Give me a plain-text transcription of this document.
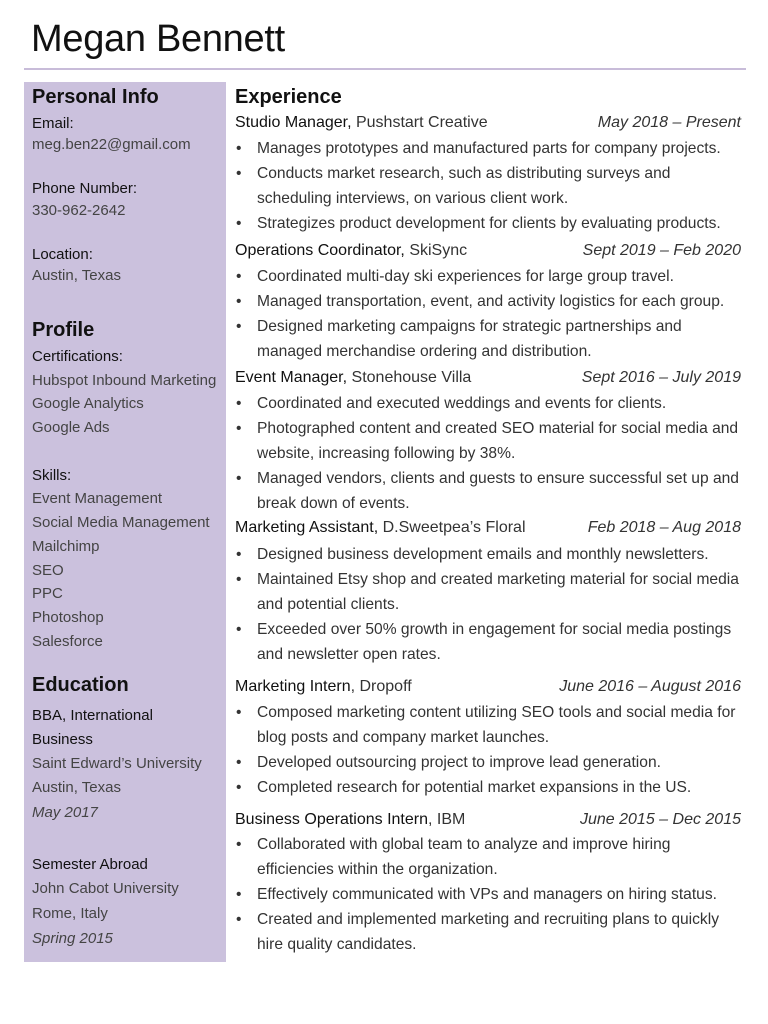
Megan Bennett
Personal Info
Email:
meg.ben22@gmail.com
Phone Number:
330-962-2642
Location:
Austin, Texas
Profile
Certifications:
Hubspot Inbound Marketing
Google Analytics
Google Ads
Skills:
Event Management
Social Media Management
Mailchimp
SEO
PPC
Photoshop
Salesforce
Education
BBA, International
Business
Saint Edward’s University
Austin, Texas
May 2017
Semester Abroad
John Cabot University
Rome, Italy
Spring 2015
Experience
Studio Manager, Pushstart Creative	May 2018 – Present
• Manages prototypes and manufactured parts for company projects.
• Conducts market research, such as distributing surveys and scheduling interviews, on various client work.
• Strategizes product development for clients by evaluating products.
Operations Coordinator, SkiSync	Sept 2019 – Feb 2020
• Coordinated multi-day ski experiences for large group travel.
• Managed transportation, event, and activity logistics for each group.
• Designed marketing campaigns for strategic partnerships and managed merchandise ordering and distribution.
Event Manager, Stonehouse Villa	Sept 2016 – July 2019
• Coordinated and executed weddings and events for clients.
• Photographed content and created SEO material for social media and website, increasing following by 38%.
• Managed vendors, clients and guests to ensure successful set up and break down of events.
Marketing Assistant, D.Sweetpea’s Floral	Feb 2018 – Aug 2018
• Designed business development emails and monthly newsletters.
• Maintained Etsy shop and created marketing material for social media and potential clients.
• Exceeded over 50% growth in engagement for social media postings and newsletter open rates.
Marketing Intern, Dropoff	June 2016 – August 2016
• Composed marketing content utilizing SEO tools and social media for blog posts and company market launches.
• Developed outsourcing project to improve lead generation.
• Completed research for potential market expansions in the US.
Business Operations Intern, IBM	June 2015 – Dec 2015
• Collaborated with global team to analyze and improve hiring efficiencies within the organization.
• Effectively communicated with VPs and managers on hiring status.
• Created and implemented marketing and recruiting plans to quickly hire quality candidates.
